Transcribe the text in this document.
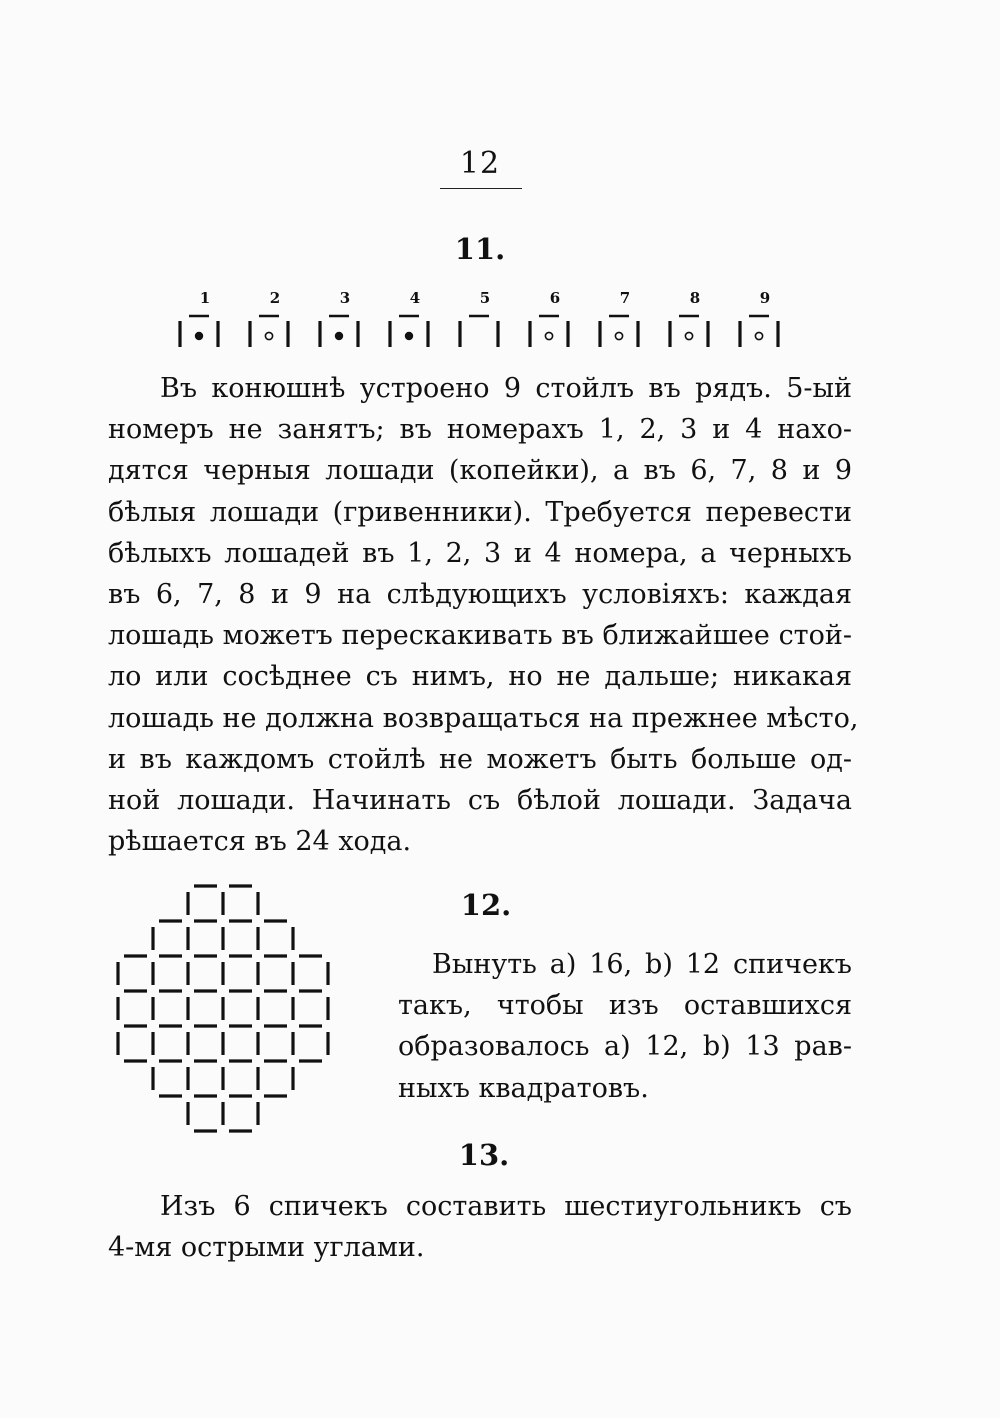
12
11.
1	2	3	4	5	6	7	8	9
Въ конюшнѣ устроено 9 стойлъ въ рядъ. 5-ый
номеръ не занятъ; въ номерахъ 1, 2, 3 и 4 нахо-
дятся черныя лошади (копейки), а въ 6, 7, 8 и 9
бѣлыя лошади (гривенники). Требуется перевести
бѣлыхъ лошадей въ 1, 2, 3 и 4 номера, а черныхъ
въ 6, 7, 8 и 9 на слѣдующихъ условіяхъ: каждая
лошадь можетъ перескакивать въ ближайшее стой-
ло или сосѣднее съ нимъ, но не дальше; никакая
лошадь не должна возвращаться на прежнее мѣсто,
и въ каждомъ стойлѣ не можетъ быть больше од-
ной лошади. Начинать съ бѣлой лошади. Задача
рѣшается въ 24 хода.
12.
Вынуть a) 16, b) 12 спичекъ
такъ, чтобы изъ оставшихся
образовалось a) 12, b) 13 рав-
ныхъ квадратовъ.
13.
Изъ 6 спичекъ составить шестиугольникъ съ
4-мя острыми углами.
